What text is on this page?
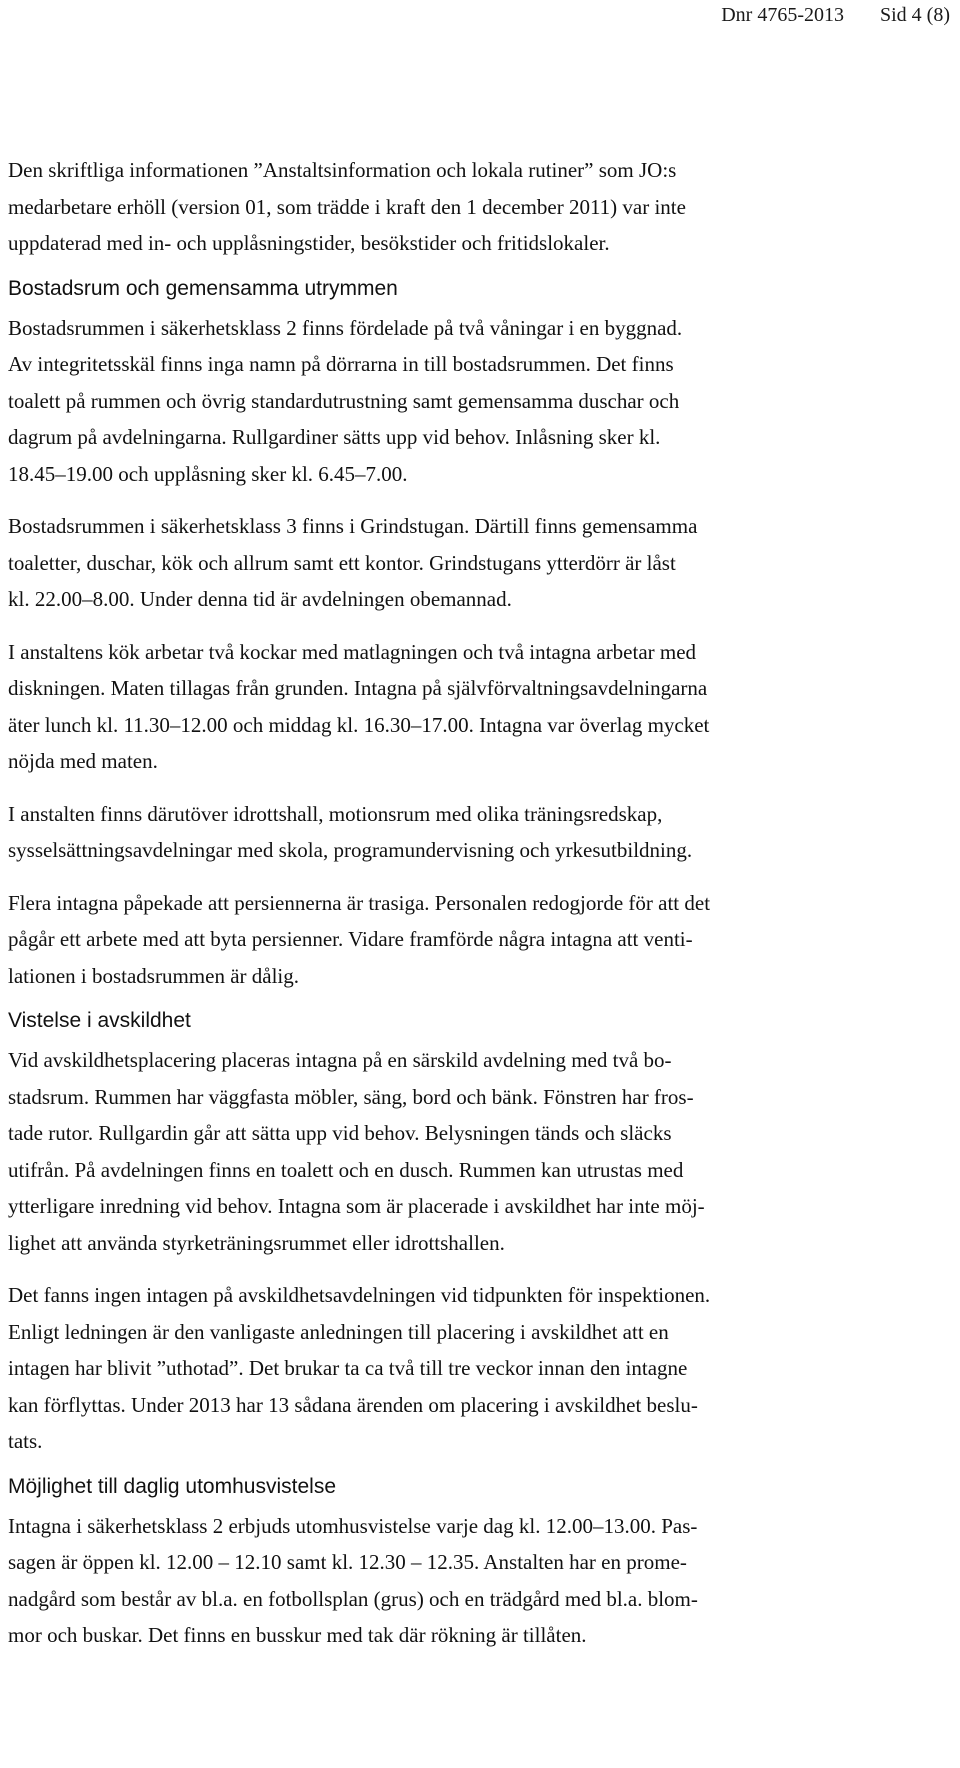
Dnr 4765-2013 Sid 4 (8)
Den skriftliga informationen ”Anstaltsinformation och lokala rutiner” som JO:s
medarbetare erhöll (version 01, som trädde i kraft den 1 december 2011) var inte
uppdaterad med in- och upplåsningstider, besökstider och fritidslokaler.
Bostadsrum och gemensamma utrymmen
Bostadsrummen i säkerhetsklass 2 finns fördelade på två våningar i en byggnad.
Av integritetsskäl finns inga namn på dörrarna in till bostadsrummen. Det finns
toalett på rummen och övrig standardutrustning samt gemensamma duschar och
dagrum på avdelningarna. Rullgardiner sätts upp vid behov. Inlåsning sker kl.
18.45–19.00 och upplåsning sker kl. 6.45–7.00.
Bostadsrummen i säkerhetsklass 3 finns i Grindstugan. Därtill finns gemensamma
toaletter, duschar, kök och allrum samt ett kontor. Grindstugans ytterdörr är låst
kl. 22.00–8.00. Under denna tid är avdelningen obemannad.
I anstaltens kök arbetar två kockar med matlagningen och två intagna arbetar med
diskningen. Maten tillagas från grunden. Intagna på självförvaltningsavdelningarna
äter lunch kl. 11.30–12.00 och middag kl. 16.30–17.00. Intagna var överlag mycket
nöjda med maten.
I anstalten finns därutöver idrottshall, motionsrum med olika träningsredskap,
sysselsättningsavdelningar med skola, programundervisning och yrkesutbildning.
Flera intagna påpekade att persiennerna är trasiga. Personalen redogjorde för att det
pågår ett arbete med att byta persienner. Vidare framförde några intagna att venti-
lationen i bostadsrummen är dålig.
Vistelse i avskildhet
Vid avskildhetsplacering placeras intagna på en särskild avdelning med två bo-
stadsrum. Rummen har väggfasta möbler, säng, bord och bänk. Fönstren har fros-
tade rutor. Rullgardin går att sätta upp vid behov. Belysningen tänds och släcks
utifrån. På avdelningen finns en toalett och en dusch. Rummen kan utrustas med
ytterligare inredning vid behov. Intagna som är placerade i avskildhet har inte möj-
lighet att använda styrketräningsrummet eller idrottshallen.
Det fanns ingen intagen på avskildhetsavdelningen vid tidpunkten för inspektionen.
Enligt ledningen är den vanligaste anledningen till placering i avskildhet att en
intagen har blivit ”uthotad”. Det brukar ta ca två till tre veckor innan den intagne
kan förflyttas. Under 2013 har 13 sådana ärenden om placering i avskildhet beslu-
tats.
Möjlighet till daglig utomhusvistelse
Intagna i säkerhetsklass 2 erbjuds utomhusvistelse varje dag kl. 12.00–13.00. Pas-
sagen är öppen kl. 12.00 – 12.10 samt kl. 12.30 – 12.35. Anstalten har en prome-
nadgård som består av bl.a. en fotbollsplan (grus) och en trädgård med bl.a. blom-
mor och buskar. Det finns en busskur med tak där rökning är tillåten.
